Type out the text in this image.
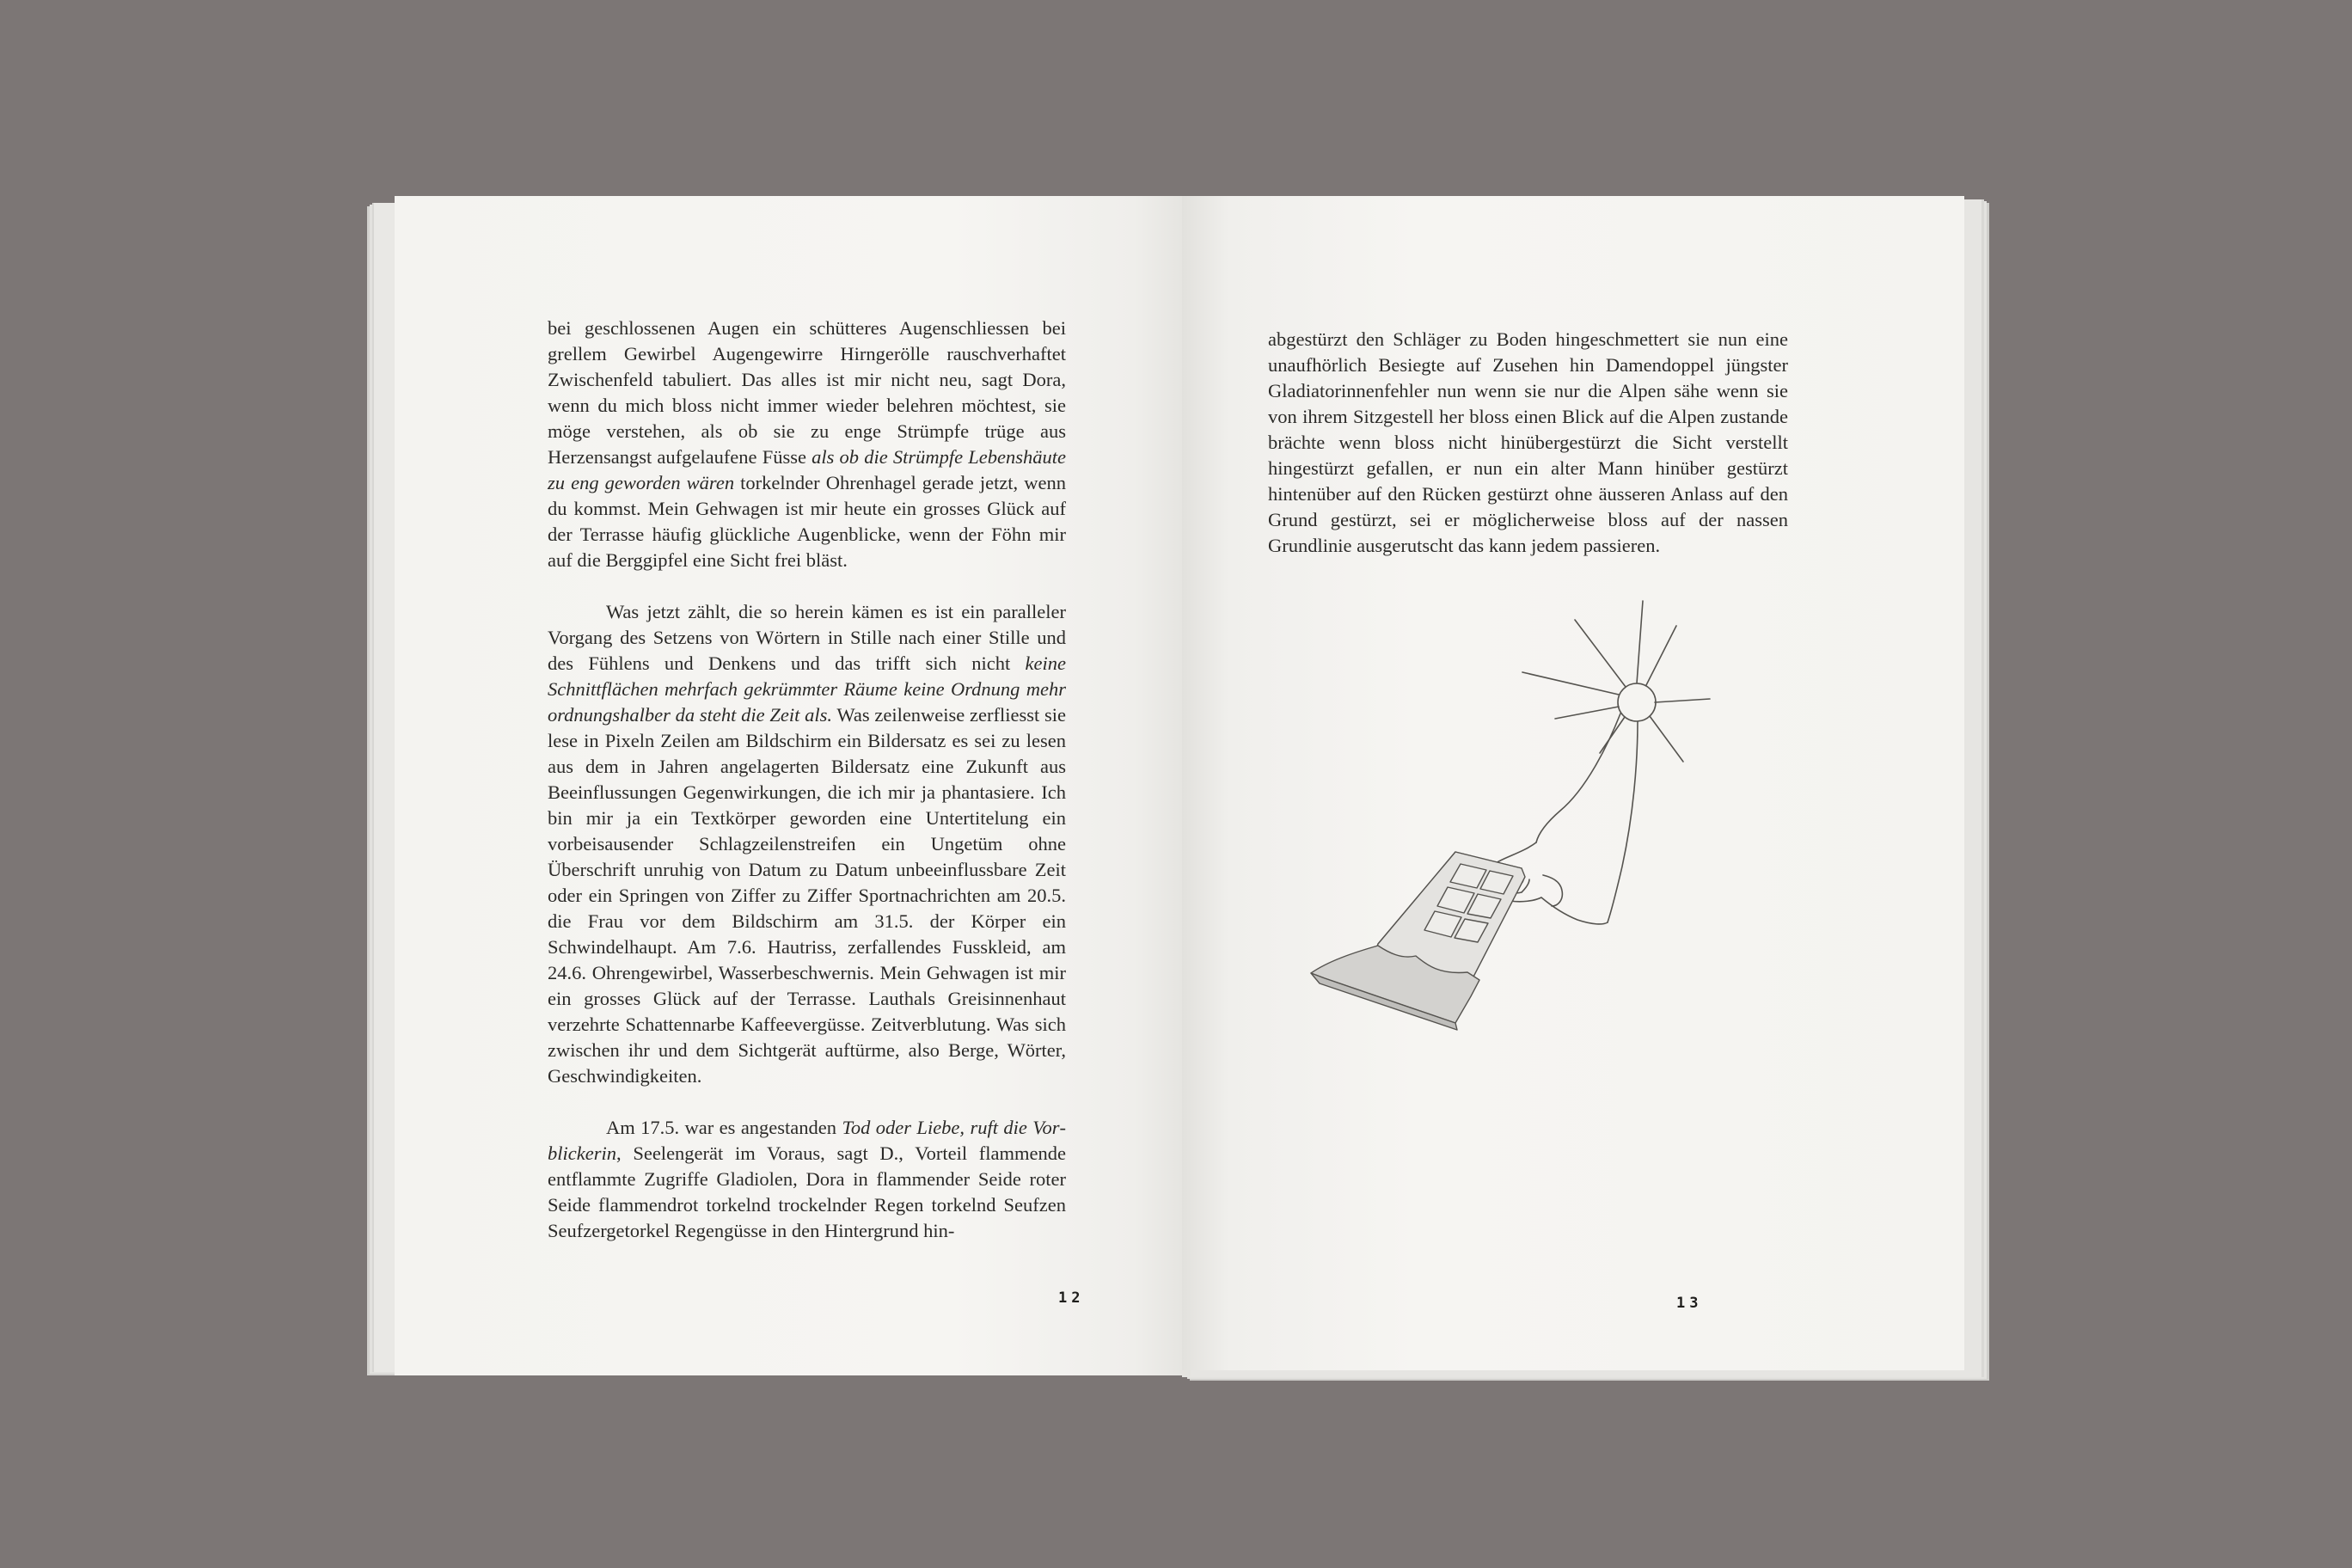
bei geschlossenen Augen ein schütteres Augenschliessen bei grellem Gewirbel Augengewirre Hirngerölle rauschverhaftet Zwischenfeld tabuliert. Das alles ist mir nicht neu, sagt Dora, wenn du mich bloss nicht immer wieder belehren möchtest, sie möge verstehen, als ob sie zu enge Strümpfe trüge aus Herzensangst aufgelaufene Füsse als ob die Strümpfe Lebenshäute zu eng geworden wären torkelnder Ohrenhagel gerade jetzt, wenn du kommst. Mein Gehwagen ist mir heute ein grosses Glück auf der Terrasse häufig glückliche Augenblicke, wenn der Föhn mir auf die Berggipfel eine Sicht frei bläst.

Was jetzt zählt, die so herein kämen es ist ein paralleler Vorgang des Setzens von Wörtern in Stille nach einer Stille und des Fühlens und Denkens und das trifft sich nicht keine Schnittflächen mehrfach gekrümmter Räume keine Ordnung mehr ordnungshalber da steht die Zeit als. Was zeilenweise zerfliesst sie lese in Pixeln Zeilen am Bildschirm ein Bildersatz es sei zu lesen aus dem in Jahren angelagerten Bildersatz eine Zukunft aus Beeinflussungen Gegenwirkungen, die ich mir ja phantasiere. Ich bin mir ja ein Textkörper geworden eine Untertitelung ein vorbeisausender Schlagzeilenstreifen ein Ungetüm ohne Überschrift unruhig von Datum zu Datum unbeeinflussbare Zeit oder ein Springen von Ziffer zu Ziffer Sportnachrichten am 20.5. die Frau vor dem Bildschirm am 31.5. der Körper ein Schwindelhaupt. Am 7.6. Hautriss, zerfallendes Fusskleid, am 24.6. Ohrengewirbel, Wasserbeschwernis. Mein Gehwagen ist mir ein grosses Glück auf der Terrasse. Lauthals Greisinnenhaut verzehrte Schattennarbe Kaffeevergüsse. Zeitverblutung. Was sich zwischen ihr und dem Sichtgerät auftürme, also Berge, Wörter, Geschwindigkeiten.

Am 17.5. war es angestanden Tod oder Liebe, ruft die Vorblickerin, Seelengerät im Voraus, sagt D., Vorteil flammende entflammte Zugriffe Gladiolen, Dora in flammender Seide roter Seide flammendrot torkelnd trockelnder Regen torkelnd Seufzen Seufzergetorkel Regengüsse in den Hintergrund hin-

12

abgestürzt den Schläger zu Boden hingeschmettert sie nun eine unaufhörlich Besiegte auf Zusehen hin Damendoppel jüngster Gladiatorinnenfehler nun wenn sie nur die Alpen sähe wenn sie von ihrem Sitzgestell her bloss einen Blick auf die Alpen zustande brächte wenn bloss nicht hinübergestürzt die Sicht verstellt hingestürzt gefallen, er nun ein alter Mann hinüber gestürzt hintenüber auf den Rücken gestürzt ohne äusseren Anlass auf den Grund gestürzt, sei er möglicherweise bloss auf der nassen Grundlinie ausgerutscht das kann jedem passieren.

13
